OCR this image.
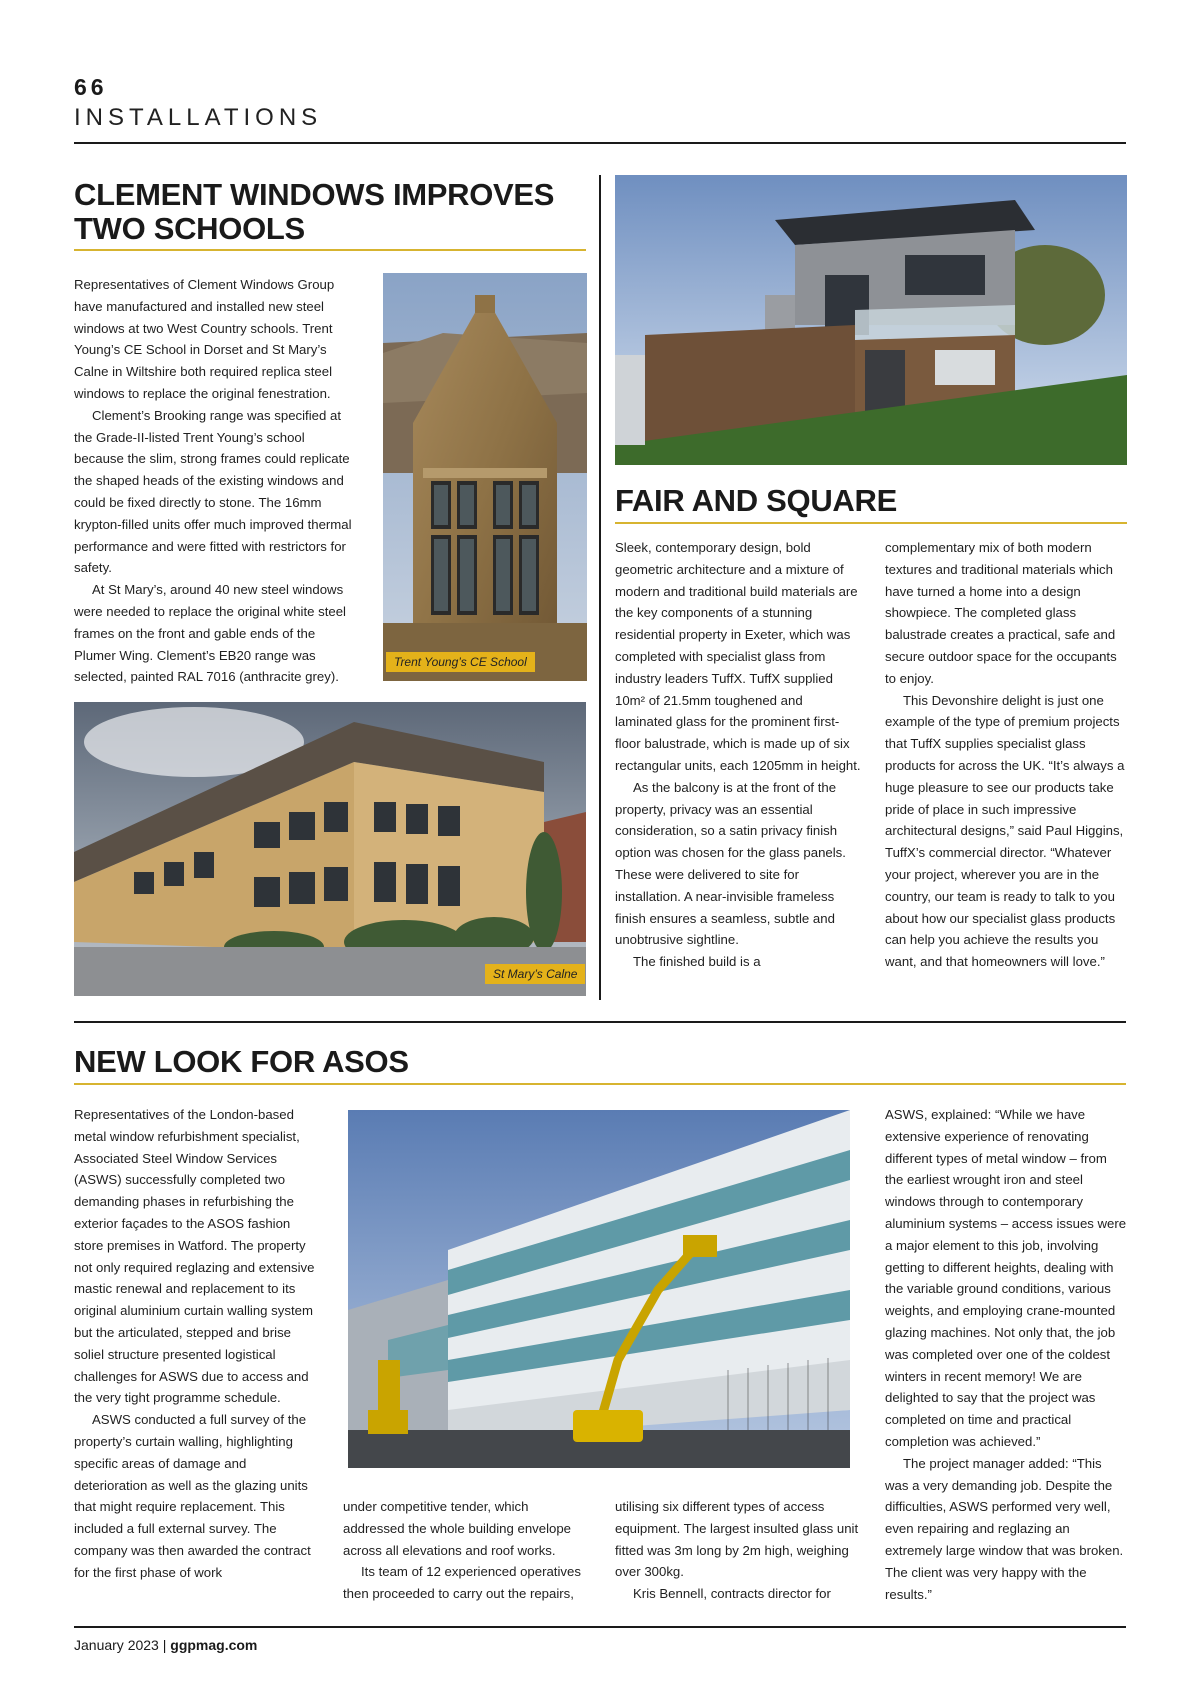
66
INSTALLATIONS
CLEMENT WINDOWS IMPROVES
TWO SCHOOLS

Representatives of Clement Windows Group have manufactured and installed new steel windows at two West Country schools. Trent Young’s CE School in Dorset and St Mary’s Calne in Wiltshire both required replica steel windows to replace the original fenestration.

Clement’s Brooking range was specified at the Grade-II-listed Trent Young’s school because the slim, strong frames could replicate the shaped heads of the existing windows and could be fixed directly to stone. The 16mm krypton-filled units offer much improved thermal performance and were fitted with restrictors for safety.

At St Mary’s, around 40 new steel windows were needed to replace the original white steel frames on the front and gable ends of the Plumer Wing. Clement’s EB20 range was selected, painted RAL 7016 (anthracite grey).

Trent Young’s CE School
St Mary’s Calne
FAIR AND SQUARE

Sleek, contemporary design, bold geometric architecture and a mixture of modern and traditional build materials are the key components of a stunning residential property in Exeter, which was completed with specialist glass from industry leaders TuffX. TuffX supplied 10m² of 21.5mm toughened and laminated glass for the prominent first-floor balustrade, which is made up of six rectangular units, each 1205mm in height.

As the balcony is at the front of the property, privacy was an essential consideration, so a satin privacy finish option was chosen for the glass panels. These were delivered to site for installation. A near-invisible frameless finish ensures a seamless, subtle and unobtrusive sightline.

The finished build is a

complementary mix of both modern textures and traditional materials which have turned a home into a design showpiece. The completed glass balustrade creates a practical, safe and secure outdoor space for the occupants to enjoy.

This Devonshire delight is just one example of the type of premium projects that TuffX supplies specialist glass products for across the UK. “It’s always a huge pleasure to see our products take pride of place in such impressive architectural designs,” said Paul Higgins, TuffX’s commercial director. “Whatever your project, wherever you are in the country, our team is ready to talk to you about how our specialist glass products can help you achieve the results you want, and that homeowners will love.”

NEW LOOK FOR ASOS

Representatives of the London-based metal window refurbishment specialist, Associated Steel Window Services (ASWS) successfully completed two demanding phases in refurbishing the exterior façades to the ASOS fashion store premises in Watford. The property not only required reglazing and extensive mastic renewal and replacement to its original aluminium curtain walling system but the articulated, stepped and brise soliel structure presented logistical challenges for ASWS due to access and the very tight programme schedule.

ASWS conducted a full survey of the property’s curtain walling, highlighting specific areas of damage and deterioration as well as the glazing units that might require replacement. This included a full external survey. The company was then awarded the contract for the first phase of work

under competitive tender, which addressed the whole building envelope across all elevations and roof works.

Its team of 12 experienced operatives then proceeded to carry out the repairs,

utilising six different types of access equipment. The largest insulted glass unit fitted was 3m long by 2m high, weighing over 300kg.

Kris Bennell, contracts director for

ASWS, explained: “While we have extensive experience of renovating different types of metal window – from the earliest wrought iron and steel windows through to contemporary aluminium systems – access issues were a major element to this job, involving getting to different heights, dealing with the variable ground conditions, various weights, and employing crane-mounted glazing machines. Not only that, the job was completed over one of the coldest winters in recent memory! We are delighted to say that the project was completed on time and practical completion was achieved.”

The project manager added: “This was a very demanding job. Despite the difficulties, ASWS performed very well, even repairing and reglazing an extremely large window that was broken. The client was very happy with the results.”

January 2023 | ggpmag.com
